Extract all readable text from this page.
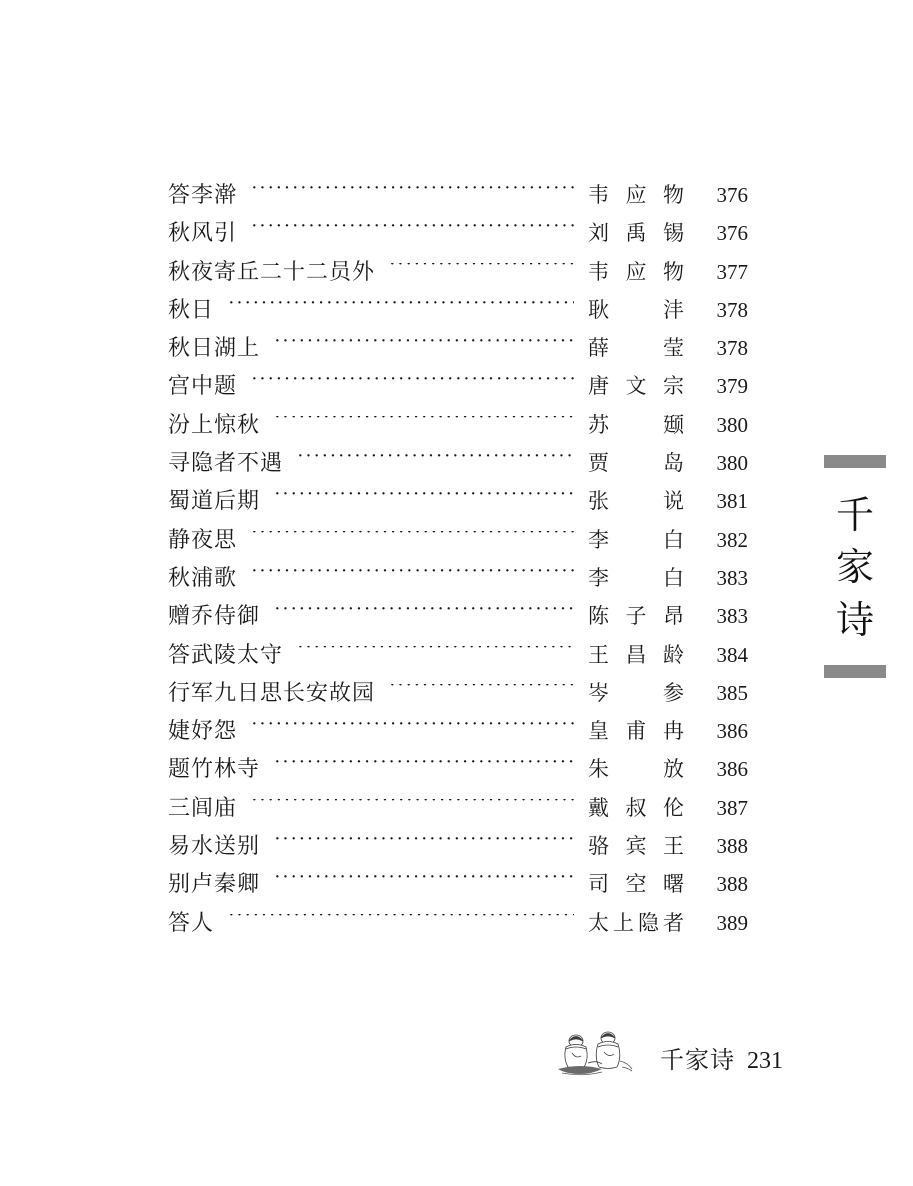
答李澣 ·····	韦应物	376
秋风引 ·····	刘禹锡	376
秋夜寄丘二十二员外 ·····	韦应物	377
秋日 ·····	耿沣	378
秋日湖上 ·····	薛莹	378
宫中题 ·····	唐文宗	379
汾上惊秋 ·····	苏颋	380
寻隐者不遇 ·····	贾岛	380
蜀道后期 ·····	张说	381
静夜思 ·····	李白	382
秋浦歌 ·····	李白	383
赠乔侍御 ·····	陈子昂	383
答武陵太守 ·····	王昌龄	384
行军九日思长安故园 ·····	岑参	385
婕妤怨 ·····	皇甫冉	386
题竹林寺 ·····	朱放	386
三闾庙 ·····	戴叔伦	387
易水送别 ·····	骆宾王	388
别卢秦卿 ·····	司空曙	388
答人 ·····	太上隐者	389
千
家
诗
千家诗 231
